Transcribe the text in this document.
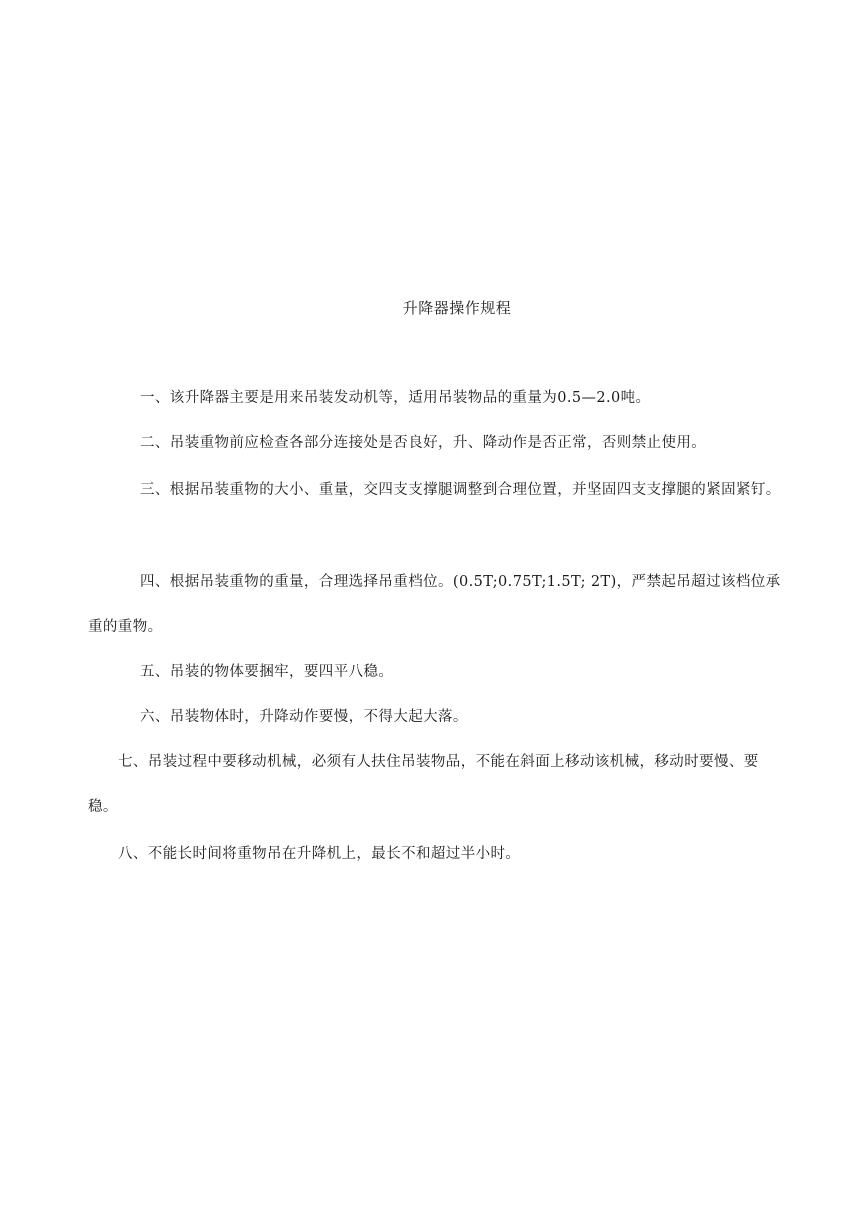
升降器操作规程

一、该升降器主要是用来吊装发动机等，适用吊装物品的重量为0.5—2.0吨。

二、吊装重物前应检查各部分连接处是否良好，升、降动作是否正常，否则禁止使用。

三、根据吊装重物的大小、重量，交四支支撑腿调整到合理位置，并坚固四支支撑腿的紧固紧钉。

四、根据吊装重物的重量，合理选择吊重档位。(0.5T;0.75T;1.5T; 2T)，严禁起吊超过该档位承重的重物。

五、吊装的物体要捆牢，要四平八稳。

六、吊装物体时，升降动作要慢，不得大起大落。

七、吊装过程中要移动机械，必须有人扶住吊装物品，不能在斜面上移动该机械，移动时要慢、要稳。

八、不能长时间将重物吊在升降机上，最长不和超过半小时。
